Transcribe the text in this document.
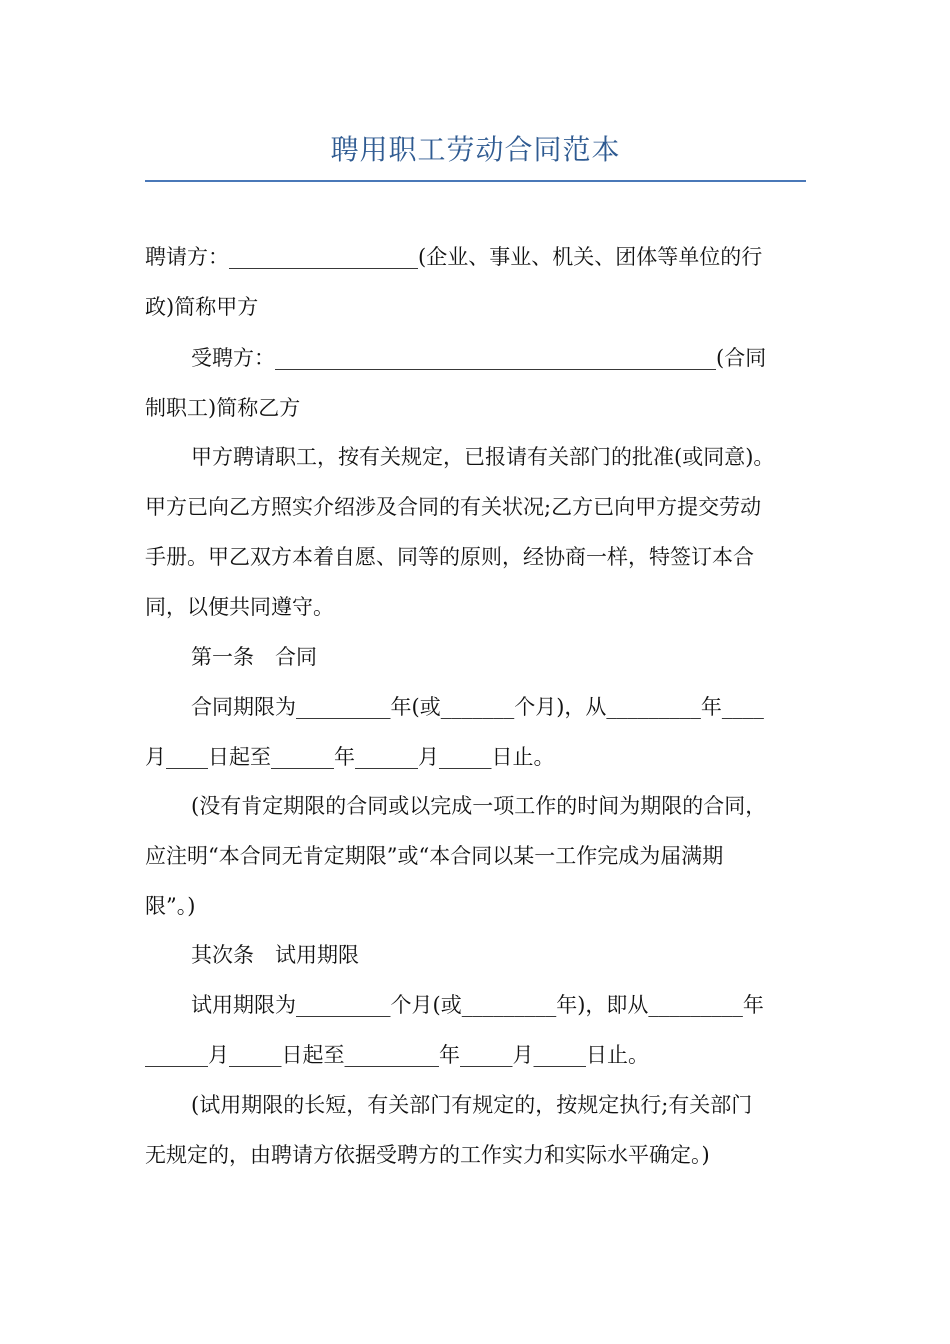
聘用职工劳动合同范本
聘请方：__________________(企业、事业、机关、团体等单位的行
政)简称甲方
受聘方：__________________________________________(合同
制职工)简称乙方
甲方聘请职工，按有关规定，已报请有关部门的批准(或同意)。
甲方已向乙方照实介绍涉及合同的有关状况;乙方已向甲方提交劳动
手册。甲乙双方本着自愿、同等的原则，经协商一样，特签订本合
同，以便共同遵守。
第一条　合同
合同期限为_________年(或_______个月)，从_________年____
月____日起至______年______月_____日止。
(没有肯定期限的合同或以完成一项工作的时间为期限的合同，
应注明“本合同无肯定期限”或“本合同以某一工作完成为届满期
限”。)
其次条　试用期限
试用期限为_________个月(或_________年)，即从_________年
______月_____日起至_________年_____月_____日止。
(试用期限的长短，有关部门有规定的，按规定执行;有关部门
无规定的，由聘请方依据受聘方的工作实力和实际水平确定。)
